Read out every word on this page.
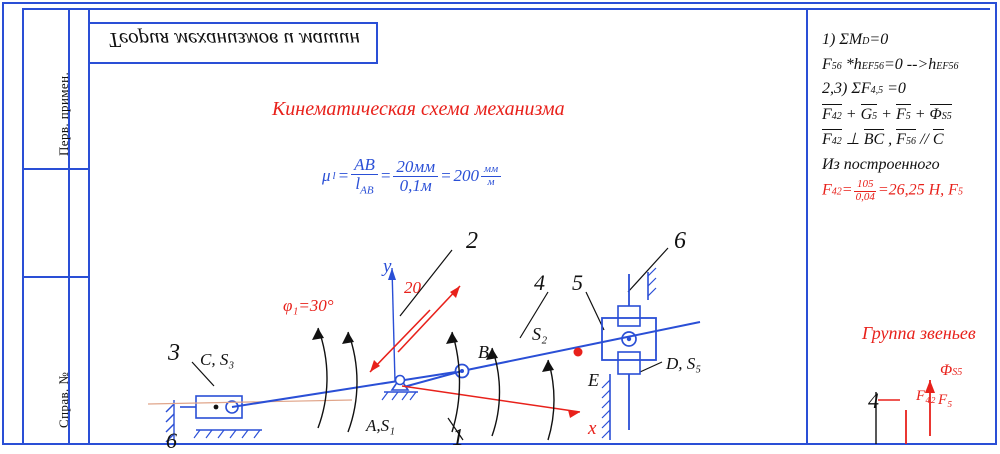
Перв. примен.
Справ. №
Теория механизмов и машин
Кинематическая схема механизма
μ $l = \frac{AB}{l_{AB}} = \frac{20мм}{0,1м} = 200 \frac{мм}{м}$
2	6
4 5
3
1
6
20
φ₁=30°
y
x
B
E
S₂
C, S₃
A,S₁
D, S₅
1) ΣMD=0
F56 *hEF56=0 -->hEF56
2,3) ΣF4,5 =0
F42 + G5 + F5 + ΦS5
F42 ⊥ BC , F56 // C
Из построенного
$F42= \frac{105}{0,04} =26,25$ Н, F5
Группа звеньев
4 F₄₂
ΦS5
F₅
